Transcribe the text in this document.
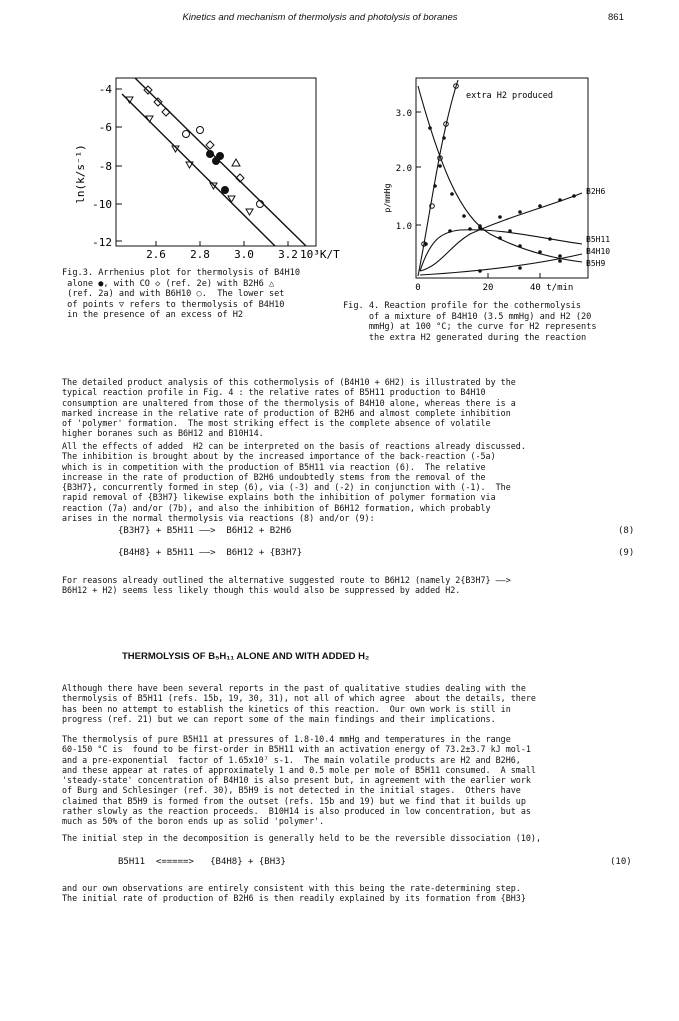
Kinetics and mechanism of thermolysis and photolysis of boranes	861
-4
-6
-8
-10
-12
2.6 2.8 3.0 3.2 10³K/T
ln(k/s⁻¹)
Fig.3. Arrhenius plot for thermolysis of B4H10
alone ●, with CO ◇ (ref. 2e) with B2H6 △
(ref. 2a) and with B6H10 ○.  The lower set
of points ▽ refers to thermolysis of B4H10
in the presence of an excess of H2
3.0
2.0
1.0
0	20	40 t/min
p/mmHg
extra H2 produced
B2H6
B5H11
B4H10
B5H9
Fig. 4. Reaction profile for the cothermolysis
of a mixture of B4H10 (3.5 mmHg) and H2 (20
mmHg) at 100 °C; the curve for H2 represents
the extra H2 generated during the reaction
The detailed product analysis of this cothermolysis of (B4H10 + 6H2) is illustrated by the
typical reaction profile in Fig. 4 : the relative rates of B5H11 production to B4H10
consumption are unaltered from those of the thermolysis of B4H10 alone, whereas there is a
marked increase in the relative rate of production of B2H6 and almost complete inhibition
of 'polymer' formation.  The most striking effect is the complete absence of volatile
higher boranes such as B6H12 and B10H14.
All the effects of added  H2 can be interpreted on the basis of reactions already discussed.
The inhibition is brought about by the increased importance of the back-reaction (-5a)
which is in competition with the production of B5H11 via reaction (6).  The relative
increase in the rate of production of B2H6 undoubtedly stems from the removal of the
{B3H7}, concurrently formed in step (6), via (-3) and (-2) in conjunction with (-1).  The
rapid removal of {B3H7} likewise explains both the inhibition of polymer formation via
reaction (7a) and/or (7b), and also the inhibition of B6H12 formation, which probably
arises in the normal thermolysis via reactions (8) and/or (9):
{B3H7} + B5H11 ——>  B6H12 + B2H6	(8)
{B4H8} + B5H11 ——>  B6H12 + {B3H7}	(9)
For reasons already outlined the alternative suggested route to B6H12 (namely 2{B3H7} ——>
B6H12 + H2) seems less likely though this would also be suppressed by added H2.
THERMOLYSIS OF B₅H₁₁ ALONE AND WITH ADDED H₂
Although there have been several reports in the past of qualitative studies dealing with the
thermolysis of B5H11 (refs. 15b, 19, 30, 31), not all of which agree  about the details, there
has been no attempt to establish the kinetics of this reaction.  Our own work is still in
progress (ref. 21) but we can report some of the main findings and their implications.
The thermolysis of pure B5H11 at pressures of 1.8-10.4 mmHg and temperatures in the range
60-150 °C is  found to be first-order in B5H11 with an activation energy of 73.2±3.7 kJ mol-1
and a pre-exponential  factor of 1.65x10⁷ s-1.  The main volatile products are H2 and B2H6,
and these appear at rates of approximately 1 and 0.5 mole per mole of B5H11 consumed.  A small
'steady-state' concentration of B4H10 is also present but, in agreement with the earlier work
of Burg and Schlesinger (ref. 30), B5H9 is not detected in the initial stages.  Others have
claimed that B5H9 is formed from the outset (refs. 15b and 19) but we find that it builds up
rather slowly as the reaction proceeds.  B10H14 is also produced in low concentration, but as
much as 50% of the boron ends up as solid 'polymer'.
The initial step in the decomposition is generally held to be the reversible dissociation (10),
B5H11  <=====>   {B4H8} + {BH3}	(10)
and our own observations are entirely consistent with this being the rate-determining step.
The initial rate of production of B2H6 is then readily explained by its formation from {BH3}
